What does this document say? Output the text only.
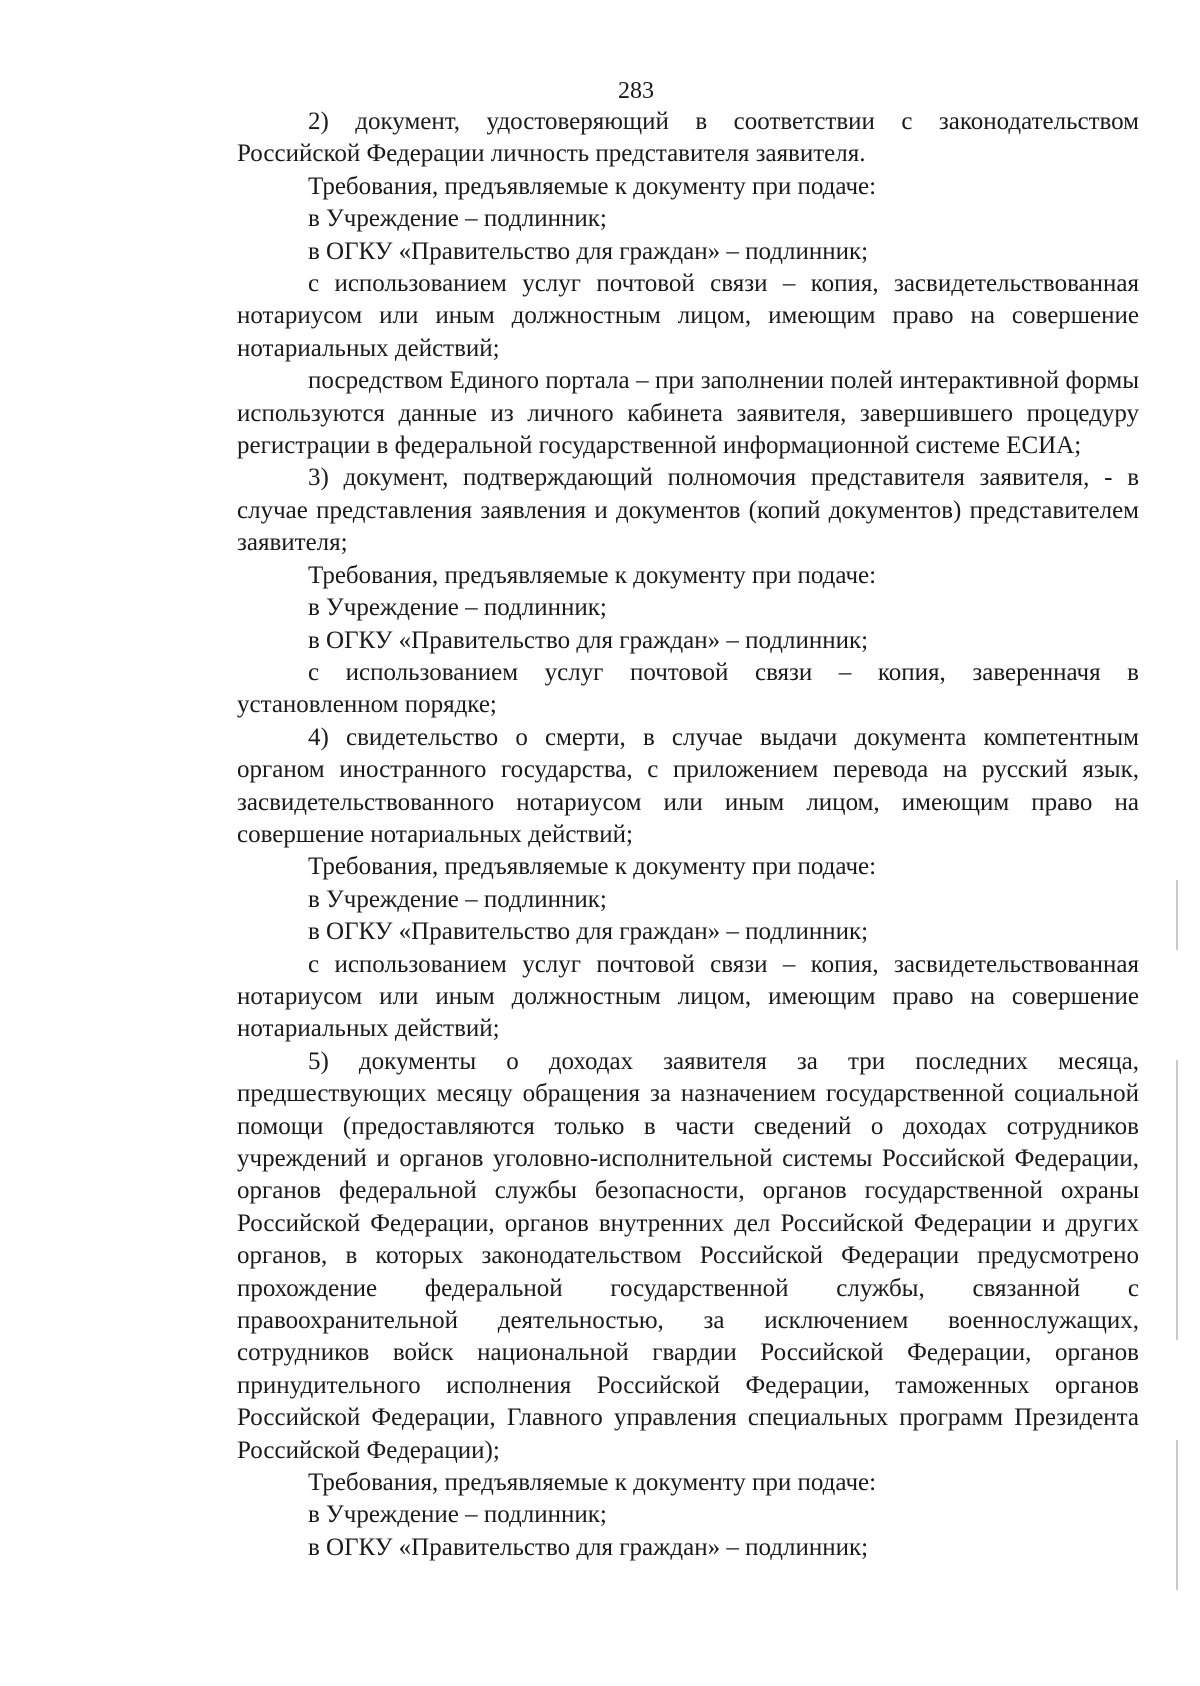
283

2) документ, удостоверяющий в соответствии с законодательством Российской Федерации личность представителя заявителя.

Требования, предъявляемые к документу при подаче:

в Учреждение – подлинник;

в ОГКУ «Правительство для граждан» – подлинник;

с использованием услуг почтовой связи – копия, засвидетельствованная нотариусом или иным должностным лицом, имеющим право на совершение нотариальных действий;

посредством Единого портала – при заполнении полей интерактивной формы используются данные из личного кабинета заявителя, завершившего процедуру регистрации в федеральной государственной информационной системе ЕСИА;

3) документ, подтверждающий полномочия представителя заявителя, - в случае представления заявления и документов (копий документов) представителем заявителя;

Требования, предъявляемые к документу при подаче:

в Учреждение – подлинник;

в ОГКУ «Правительство для граждан» – подлинник;

с использованием услуг почтовой связи – копия, заверенначя в установленном порядке;

4) свидетельство о смерти, в случае выдачи документа компетентным органом иностранного государства, с приложением перевода на русский язык, засвидетельствованного нотариусом или иным лицом, имеющим право на совершение нотариальных действий;

Требования, предъявляемые к документу при подаче:

в Учреждение – подлинник;

в ОГКУ «Правительство для граждан» – подлинник;

с использованием услуг почтовой связи – копия, засвидетельствованная нотариусом или иным должностным лицом, имеющим право на совершение нотариальных действий;

5) документы о доходах заявителя за три последних месяца, предшествующих месяцу обращения за назначением государственной социальной помощи (предоставляются только в части сведений о доходах сотрудников учреждений и органов уголовно-исполнительной системы Российской Федерации, органов федеральной службы безопасности, органов государственной охраны Российской Федерации, органов внутренних дел Российской Федерации и других органов, в которых законодательством Российской Федерации предусмотрено прохождение федеральной государственной службы, связанной с правоохранительной деятельностью, за исключением военнослужащих, сотрудников войск национальной гвардии Российской Федерации, органов принудительного исполнения Российской Федерации, таможенных органов Российской Федерации, Главного управления специальных программ Президента Российской Федерации);

Требования, предъявляемые к документу при подаче:

в Учреждение – подлинник;

в ОГКУ «Правительство для граждан» – подлинник;
